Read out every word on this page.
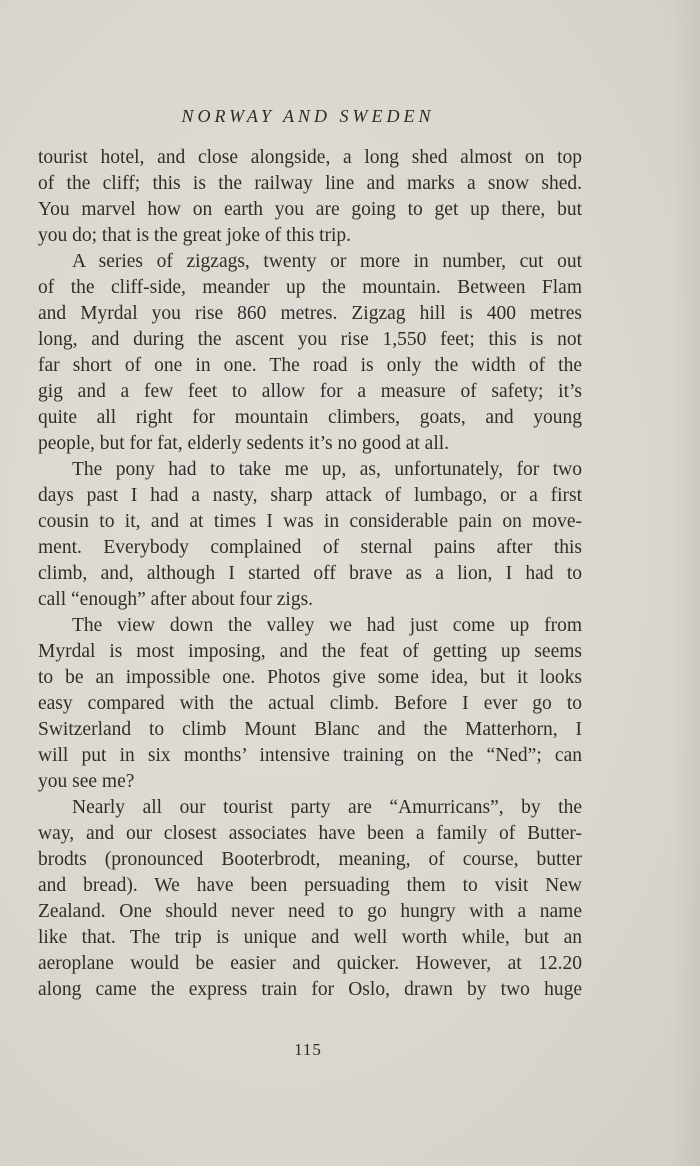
NORWAY AND SWEDEN
tourist hotel, and close alongside, a long shed almost on top
of the cliff; this is the railway line and marks a snow shed.
You marvel how on earth you are going to get up there, but
you do; that is the great joke of this trip.
A series of zigzags, twenty or more in number, cut out
of the cliff-side, meander up the mountain. Between Flam
and Myrdal you rise 860 metres. Zigzag hill is 400 metres
long, and during the ascent you rise 1,550 feet; this is not
far short of one in one. The road is only the width of the
gig and a few feet to allow for a measure of safety; it’s
quite all right for mountain climbers, goats, and young
people, but for fat, elderly sedents it’s no good at all.
The pony had to take me up, as, unfortunately, for two
days past I had a nasty, sharp attack of lumbago, or a first
cousin to it, and at times I was in considerable pain on move-
ment. Everybody complained of sternal pains after this
climb, and, although I started off brave as a lion, I had to
call “enough” after about four zigs.
The view down the valley we had just come up from
Myrdal is most imposing, and the feat of getting up seems
to be an impossible one. Photos give some idea, but it looks
easy compared with the actual climb. Before I ever go to
Switzerland to climb Mount Blanc and the Matterhorn, I
will put in six months’ intensive training on the “Ned”; can
you see me?
Nearly all our tourist party are “Amurricans”, by the
way, and our closest associates have been a family of Butter-
brodts (pronounced Booterbrodt, meaning, of course, butter
and bread). We have been persuading them to visit New
Zealand. One should never need to go hungry with a name
like that. The trip is unique and well worth while, but an
aeroplane would be easier and quicker. However, at 12.20
along came the express train for Oslo, drawn by two huge
115
